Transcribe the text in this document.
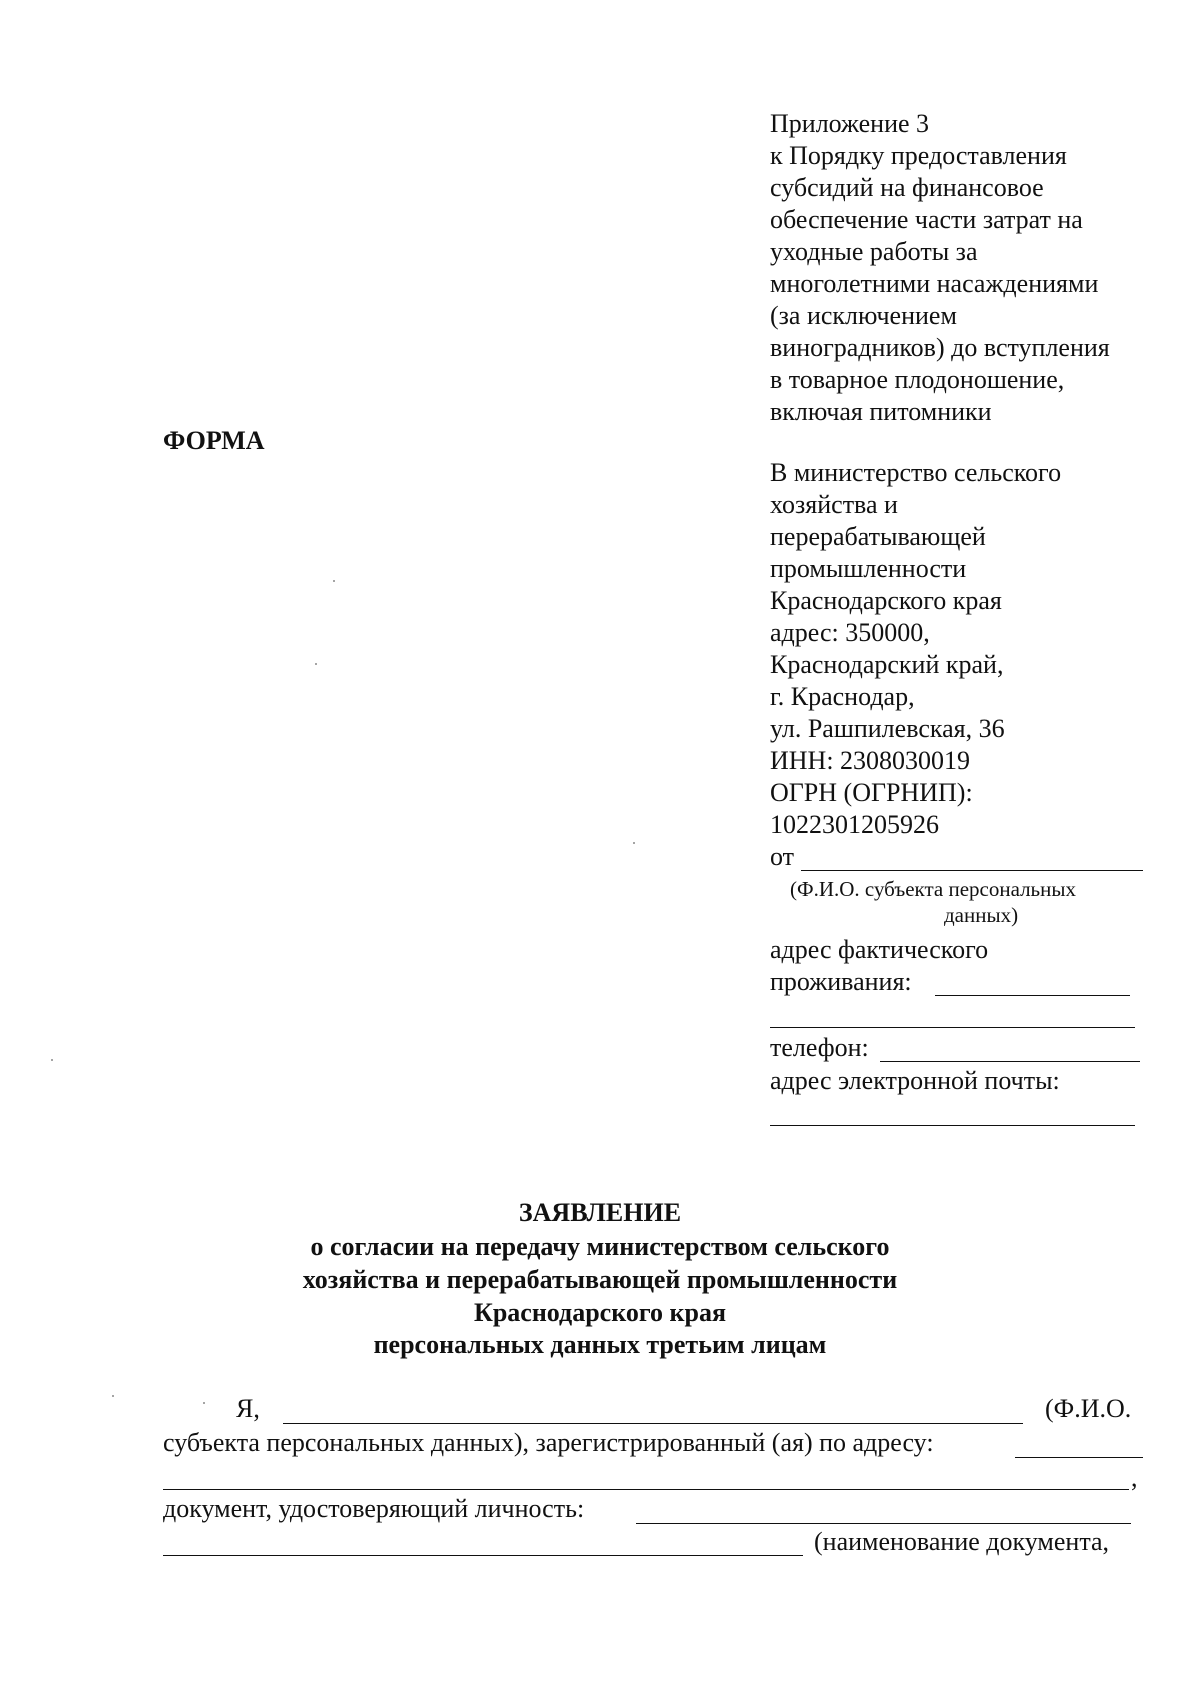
Приложение 3
к Порядку предоставления
субсидий на финансовое
обеспечение части затрат на
уходные работы за
многолетними насаждениями
(за исключением
виноградников) до вступления
в товарное плодоношение,
включая питомники
ФОРМА
В министерство сельского
хозяйства и
перерабатывающей
промышленности
Краснодарского края
адрес: 350000,
Краснодарский край,
г. Краснодар,
ул. Рашпилевская, 36
ИНН: 2308030019
ОГРН (ОГРНИП):
1022301205926
от
(Ф.И.О. субъекта персональных
данных)
адрес фактического
проживания:
телефон:
адрес электронной почты:
ЗАЯВЛЕНИЕ
о согласии на передачу министерством сельского
хозяйства и перерабатывающей промышленности
Краснодарского края
персональных данных третьим лицам
Я,	(Ф.И.О.
субъекта персональных данных), зарегистрированный (ая) по адресу:
,
документ, удостоверяющий личность:
(наименование документа,
